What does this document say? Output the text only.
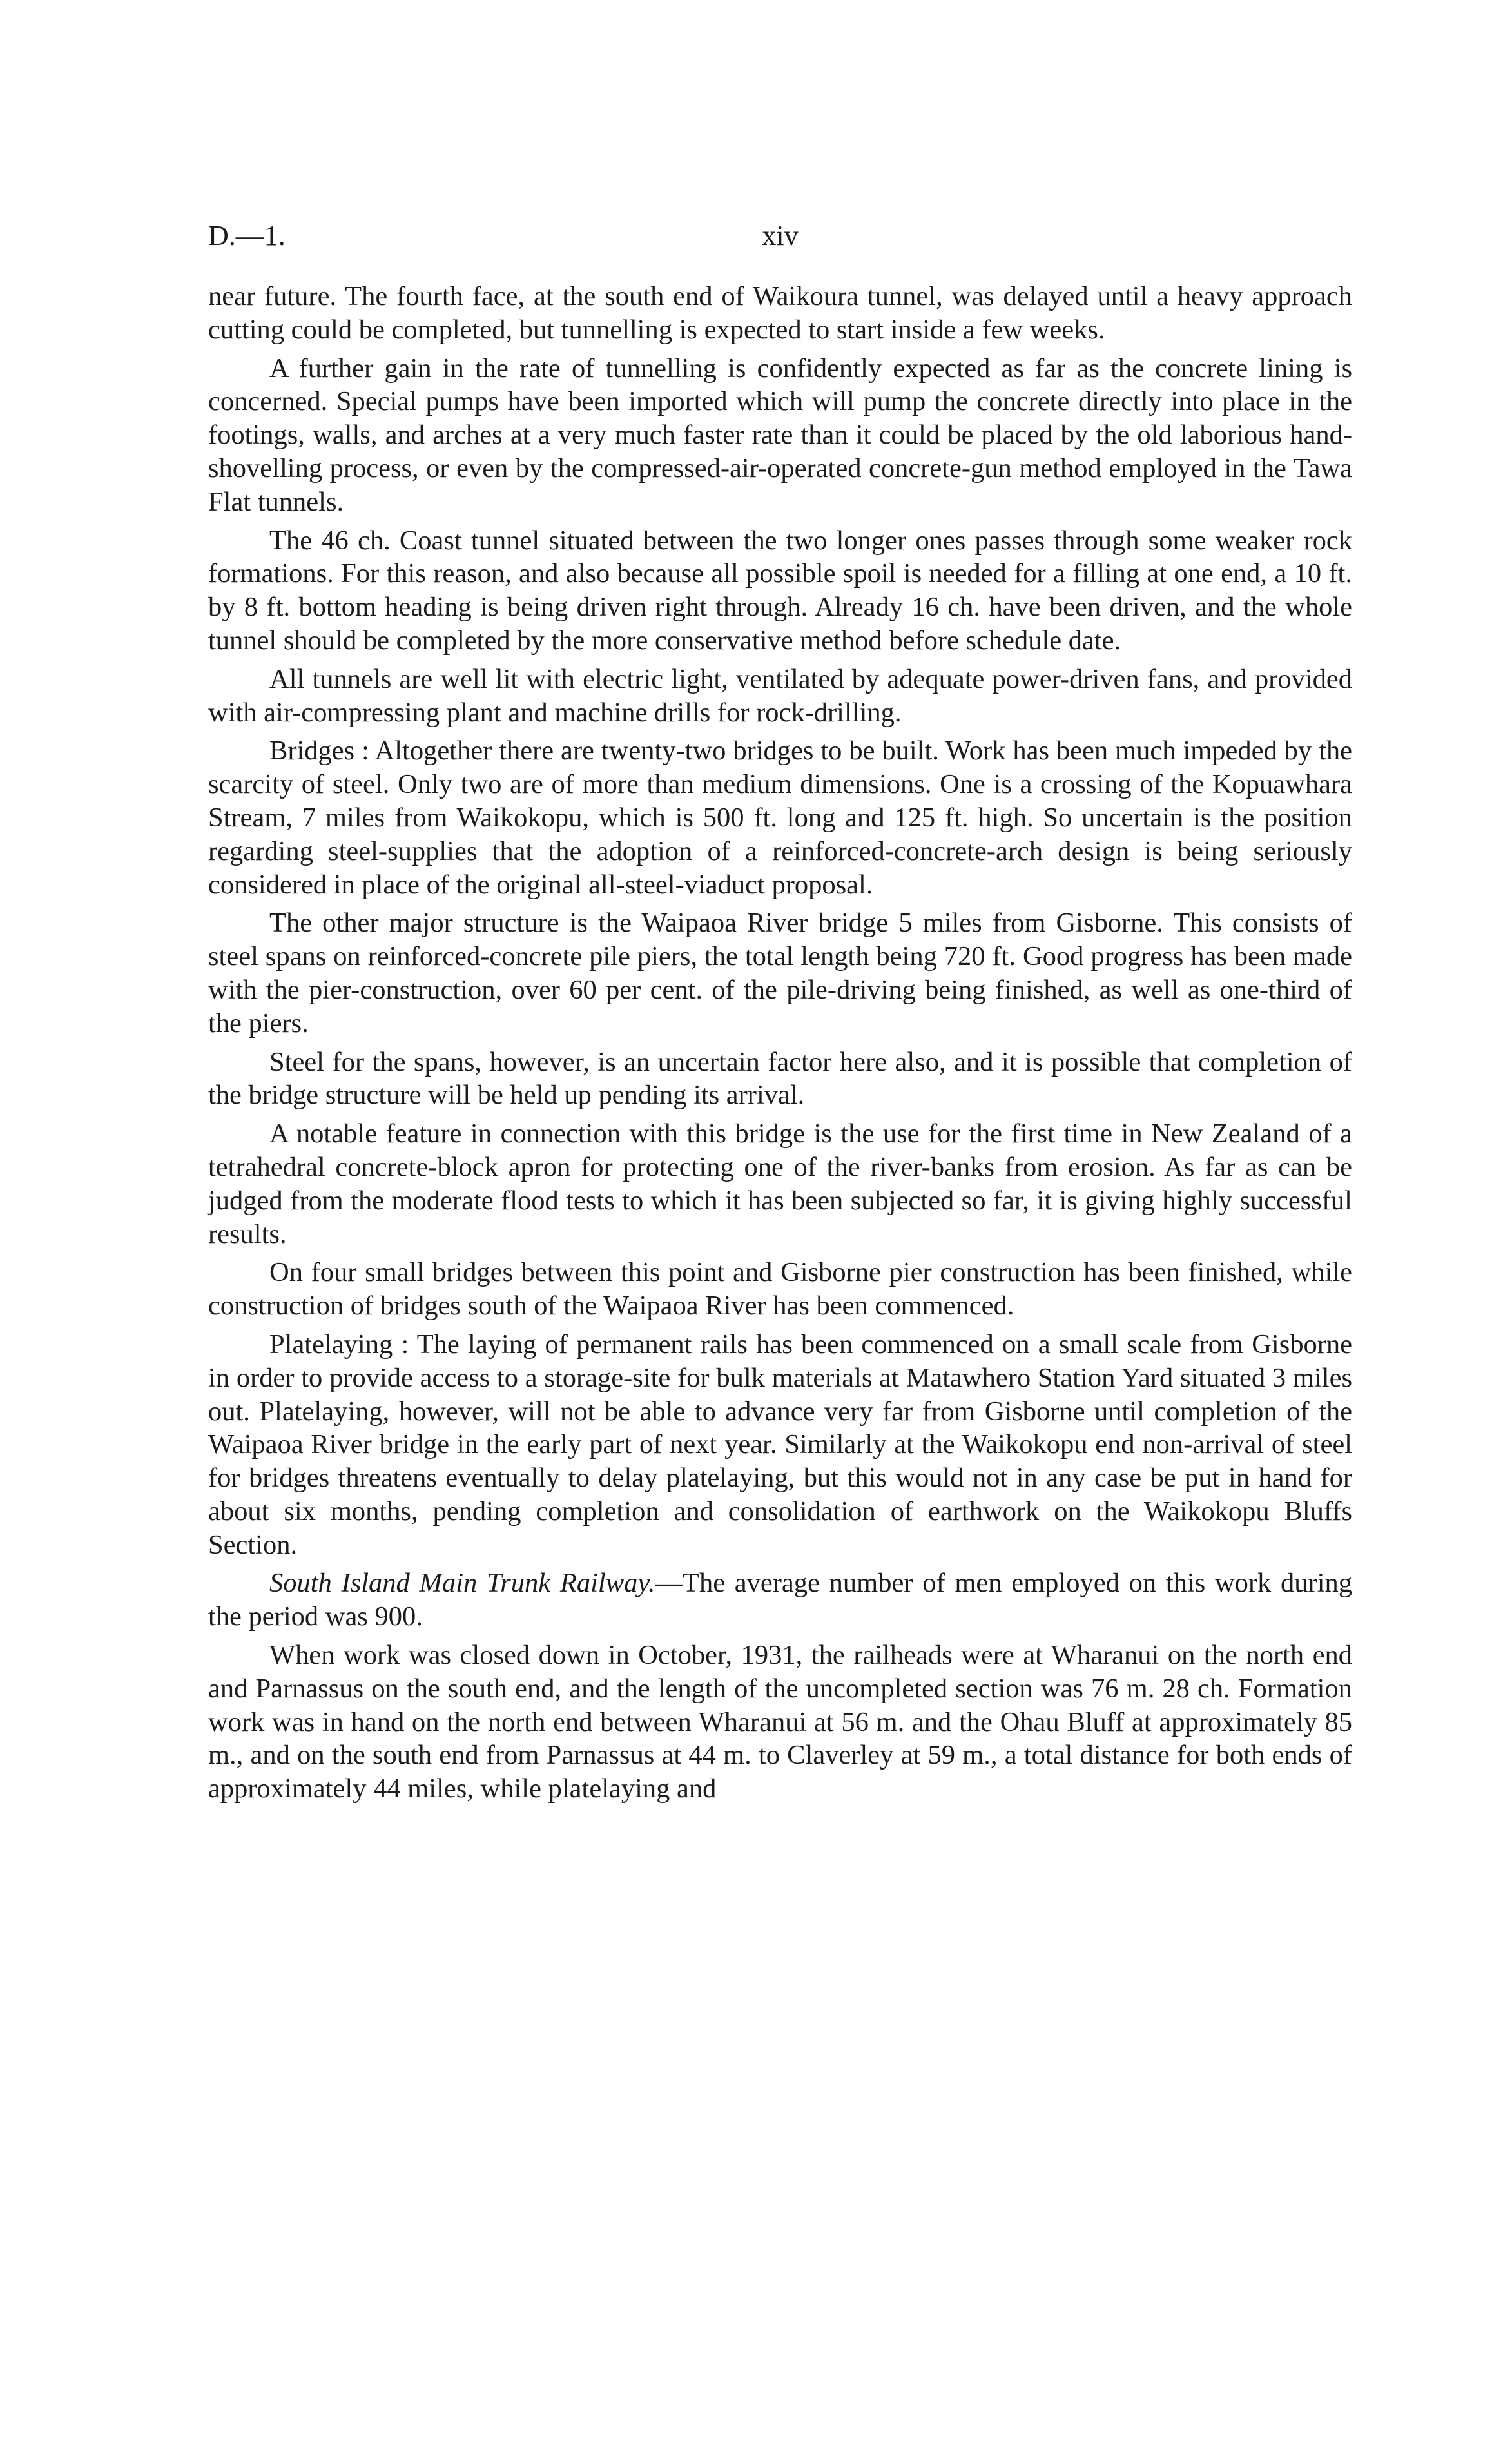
D.—1.	xiv

near future. The fourth face, at the south end of Waikoura tunnel, was delayed until a heavy approach cutting could be completed, but tunnelling is expected to start inside a few weeks.

A further gain in the rate of tunnelling is confidently expected as far as the concrete lining is concerned. Special pumps have been imported which will pump the concrete directly into place in the footings, walls, and arches at a very much faster rate than it could be placed by the old laborious hand-shovelling process, or even by the compressed-air-operated concrete-gun method employed in the Tawa Flat tunnels.

The 46 ch. Coast tunnel situated between the two longer ones passes through some weaker rock formations. For this reason, and also because all possible spoil is needed for a filling at one end, a 10 ft. by 8 ft. bottom heading is being driven right through. Already 16 ch. have been driven, and the whole tunnel should be completed by the more conservative method before schedule date.

All tunnels are well lit with electric light, ventilated by adequate power-driven fans, and provided with air-compressing plant and machine drills for rock-drilling.

Bridges : Altogether there are twenty-two bridges to be built. Work has been much impeded by the scarcity of steel. Only two are of more than medium dimensions. One is a crossing of the Kopuawhara Stream, 7 miles from Waikokopu, which is 500 ft. long and 125 ft. high. So uncertain is the position regarding steel-supplies that the adoption of a reinforced-concrete-arch design is being seriously considered in place of the original all-steel-viaduct proposal.

The other major structure is the Waipaoa River bridge 5 miles from Gisborne. This consists of steel spans on reinforced-concrete pile piers, the total length being 720 ft. Good progress has been made with the pier-construction, over 60 per cent. of the pile-driving being finished, as well as one-third of the piers.

Steel for the spans, however, is an uncertain factor here also, and it is possible that completion of the bridge structure will be held up pending its arrival.

A notable feature in connection with this bridge is the use for the first time in New Zealand of a tetrahedral concrete-block apron for protecting one of the river-banks from erosion. As far as can be judged from the moderate flood tests to which it has been subjected so far, it is giving highly successful results.

On four small bridges between this point and Gisborne pier construction has been finished, while construction of bridges south of the Waipaoa River has been commenced.

Platelaying : The laying of permanent rails has been commenced on a small scale from Gisborne in order to provide access to a storage-site for bulk materials at Matawhero Station Yard situated 3 miles out. Platelaying, however, will not be able to advance very far from Gisborne until completion of the Waipaoa River bridge in the early part of next year. Similarly at the Waikokopu end non-arrival of steel for bridges threatens eventually to delay platelaying, but this would not in any case be put in hand for about six months, pending completion and consolidation of earthwork on the Waikokopu Bluffs Section.

South Island Main Trunk Railway.—The average number of men employed on this work during the period was 900.

When work was closed down in October, 1931, the railheads were at Wharanui on the north end and Parnassus on the south end, and the length of the uncompleted section was 76 m. 28 ch. Formation work was in hand on the north end between Wharanui at 56 m. and the Ohau Bluff at approximately 85 m., and on the south end from Parnassus at 44 m. to Claverley at 59 m., a total distance for both ends of approximately 44 miles, while platelaying and
